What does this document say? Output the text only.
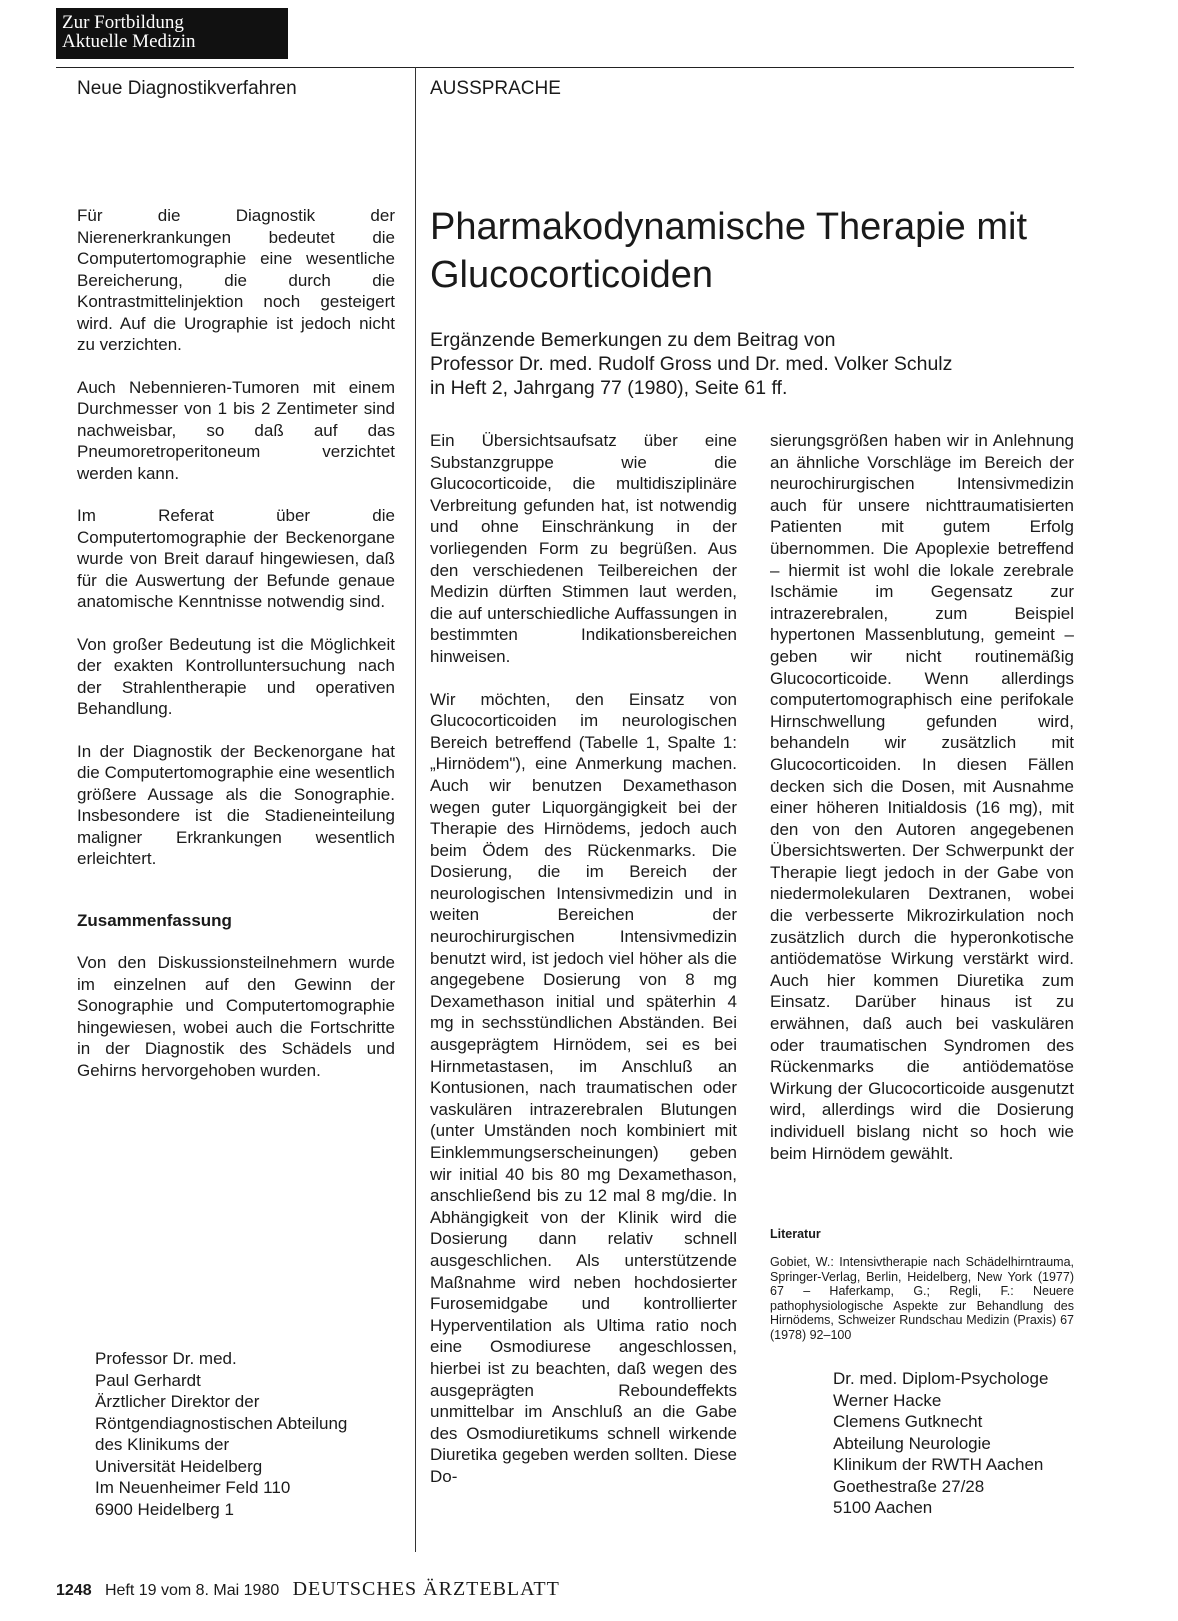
Zur Fortbildung
Aktuelle Medizin
Neue Diagnostikverfahren	AUSSPRACHE

Für die Diagnostik der Nierenerkrankungen bedeutet die Computertomographie eine wesentliche Bereicherung, die durch die Kontrastmittelinjektion noch gesteigert wird. Auf die Urographie ist jedoch nicht zu verzichten.

Auch Nebennieren-Tumoren mit einem Durchmesser von 1 bis 2 Zentimeter sind nachweisbar, so daß auf das Pneumoretroperitoneum verzichtet werden kann.

Im Referat über die Computertomographie der Beckenorgane wurde von Breit darauf hingewiesen, daß für die Auswertung der Befunde genaue anatomische Kenntnisse notwendig sind.

Von großer Bedeutung ist die Möglichkeit der exakten Kontrolluntersuchung nach der Strahlentherapie und operativen Behandlung.

In der Diagnostik der Beckenorgane hat die Computertomographie eine wesentlich größere Aussage als die Sonographie. Insbesondere ist die Stadieneinteilung maligner Erkrankungen wesentlich erleichtert.

Zusammenfassung

Von den Diskussionsteilnehmern wurde im einzelnen auf den Gewinn der Sonographie und Computertomographie hingewiesen, wobei auch die Fortschritte in der Diagnostik des Schädels und Gehirns hervorgehoben wurden.

Professor Dr. med.
Paul Gerhardt
Ärztlicher Direktor der
Röntgendiagnostischen Abteilung
des Klinikums der
Universität Heidelberg
Im Neuenheimer Feld 110
6900 Heidelberg 1
Pharmakodynamische Therapie mit Glucocorticoiden
Ergänzende Bemerkungen zu dem Beitrag von
Professor Dr. med. Rudolf Gross und Dr. med. Volker Schulz
in Heft 2, Jahrgang 77 (1980), Seite 61 ff.

Ein Übersichtsaufsatz über eine Substanzgruppe wie die Glucocorticoide, die multidisziplinäre Verbreitung gefunden hat, ist notwendig und ohne Einschränkung in der vorliegenden Form zu begrüßen. Aus den verschiedenen Teilbereichen der Medizin dürften Stimmen laut werden, die auf unterschiedliche Auffassungen in bestimmten Indikationsbereichen hinweisen.

Wir möchten, den Einsatz von Glucocorticoiden im neurologischen Bereich betreffend (Tabelle 1, Spalte 1: „Hirnödem"), eine Anmerkung machen. Auch wir benutzen Dexamethason wegen guter Liquorgängigkeit bei der Therapie des Hirnödems, jedoch auch beim Ödem des Rückenmarks. Die Dosierung, die im Bereich der neurologischen Intensivmedizin und in weiten Bereichen der neurochirurgischen Intensivmedizin benutzt wird, ist jedoch viel höher als die angegebene Dosierung von 8 mg Dexamethason initial und späterhin 4 mg in sechsstündlichen Abständen. Bei ausgeprägtem Hirnödem, sei es bei Hirnmetastasen, im Anschluß an Kontusionen, nach traumatischen oder vaskulären intrazerebralen Blutungen (unter Umständen noch kombiniert mit Einklemmungserscheinungen) geben wir initial 40 bis 80 mg Dexamethason, anschließend bis zu 12 mal 8 mg/die. In Abhängigkeit von der Klinik wird die Dosierung dann relativ schnell ausgeschlichen. Als unterstützende Maßnahme wird neben hochdosierter Furosemidgabe und kontrollierter Hyperventilation als Ultima ratio noch eine Osmodiurese angeschlossen, hierbei ist zu beachten, daß wegen des ausgeprägten Reboundeffekts unmittelbar im Anschluß an die Gabe des Osmodiuretikums schnell wirkende Diuretika gegeben werden sollten. Diese Do-

sierungsgrößen haben wir in Anlehnung an ähnliche Vorschläge im Bereich der neurochirurgischen Intensivmedizin auch für unsere nichttraumatisierten Patienten mit gutem Erfolg übernommen. Die Apoplexie betreffend – hiermit ist wohl die lokale zerebrale Ischämie im Gegensatz zur intrazerebralen, zum Beispiel hypertonen Massenblutung, gemeint – geben wir nicht routinemäßig Glucocorticoide. Wenn allerdings computertomographisch eine perifokale Hirnschwellung gefunden wird, behandeln wir zusätzlich mit Glucocorticoiden. In diesen Fällen decken sich die Dosen, mit Ausnahme einer höheren Initialdosis (16 mg), mit den von den Autoren angegebenen Übersichtswerten. Der Schwerpunkt der Therapie liegt jedoch in der Gabe von niedermolekularen Dextranen, wobei die verbesserte Mikrozirkulation noch zusätzlich durch die hyperonkotische antiödematöse Wirkung verstärkt wird. Auch hier kommen Diuretika zum Einsatz. Darüber hinaus ist zu erwähnen, daß auch bei vaskulären oder traumatischen Syndromen des Rückenmarks die antiödematöse Wirkung der Glucocorticoide ausgenutzt wird, allerdings wird die Dosierung individuell bislang nicht so hoch wie beim Hirnödem gewählt.

Literatur
Gobiet, W.: Intensivtherapie nach Schädelhirntrauma, Springer-Verlag, Berlin, Heidelberg, New York (1977) 67 – Haferkamp, G.; Regli, F.: Neuere pathophysiologische Aspekte zur Behandlung des Hirnödems, Schweizer Rundschau Medizin (Praxis) 67 (1978) 92–100
Dr. med. Diplom-Psychologe
Werner Hacke
Clemens Gutknecht
Abteilung Neurologie
Klinikum der RWTH Aachen
Goethestraße 27/28
5100 Aachen
1248 Heft 19 vom 8. Mai 1980 DEUTSCHES ÄRZTEBLATT
